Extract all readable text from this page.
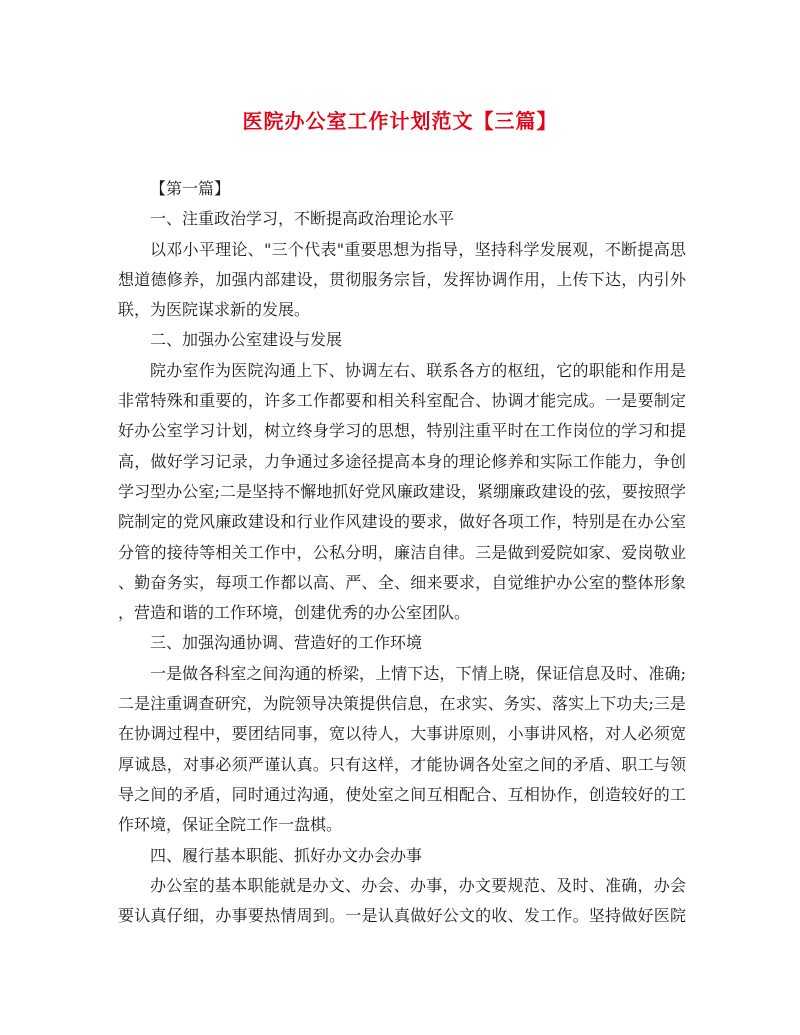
医院办公室工作计划范文【三篇】
【第一篇】
一、注重政治学习，不断提高政治理论水平
以邓小平理论、"三个代表"重要思想为指导，坚持科学发展观，不断提高思
想道德修养，加强内部建设，贯彻服务宗旨，发挥协调作用，上传下达，内引外
联，为医院谋求新的发展。
二、加强办公室建设与发展
院办室作为医院沟通上下、协调左右、联系各方的枢纽，它的职能和作用是
非常特殊和重要的，许多工作都要和相关科室配合、协调才能完成。一是要制定
好办公室学习计划，树立终身学习的思想，特别注重平时在工作岗位的学习和提
高，做好学习记录，力争通过多途径提高本身的理论修养和实际工作能力，争创
学习型办公室;二是坚持不懈地抓好党风廉政建设，紧绷廉政建设的弦，要按照学
院制定的党风廉政建设和行业作风建设的要求，做好各项工作，特别是在办公室
分管的接待等相关工作中，公私分明，廉洁自律。三是做到爱院如家、爱岗敬业
、勤奋务实，每项工作都以高、严、全、细来要求，自觉维护办公室的整体形象
，营造和谐的工作环境，创建优秀的办公室团队。
三、加强沟通协调、营造好的工作环境
一是做各科室之间沟通的桥梁，上情下达，下情上晓，保证信息及时、准确;
二是注重调查研究，为院领导决策提供信息，在求实、务实、落实上下功夫;三是
在协调过程中，要团结同事，宽以待人，大事讲原则，小事讲风格，对人必须宽
厚诚恳，对事必须严谨认真。只有这样，才能协调各处室之间的矛盾、职工与领
导之间的矛盾，同时通过沟通，使处室之间互相配合、互相协作，创造较好的工
作环境，保证全院工作一盘棋。
四、履行基本职能、抓好办文办会办事
办公室的基本职能就是办文、办会、办事，办文要规范、及时、准确，办会
要认真仔细，办事要热情周到。一是认真做好公文的收、发工作。坚持做好医院
